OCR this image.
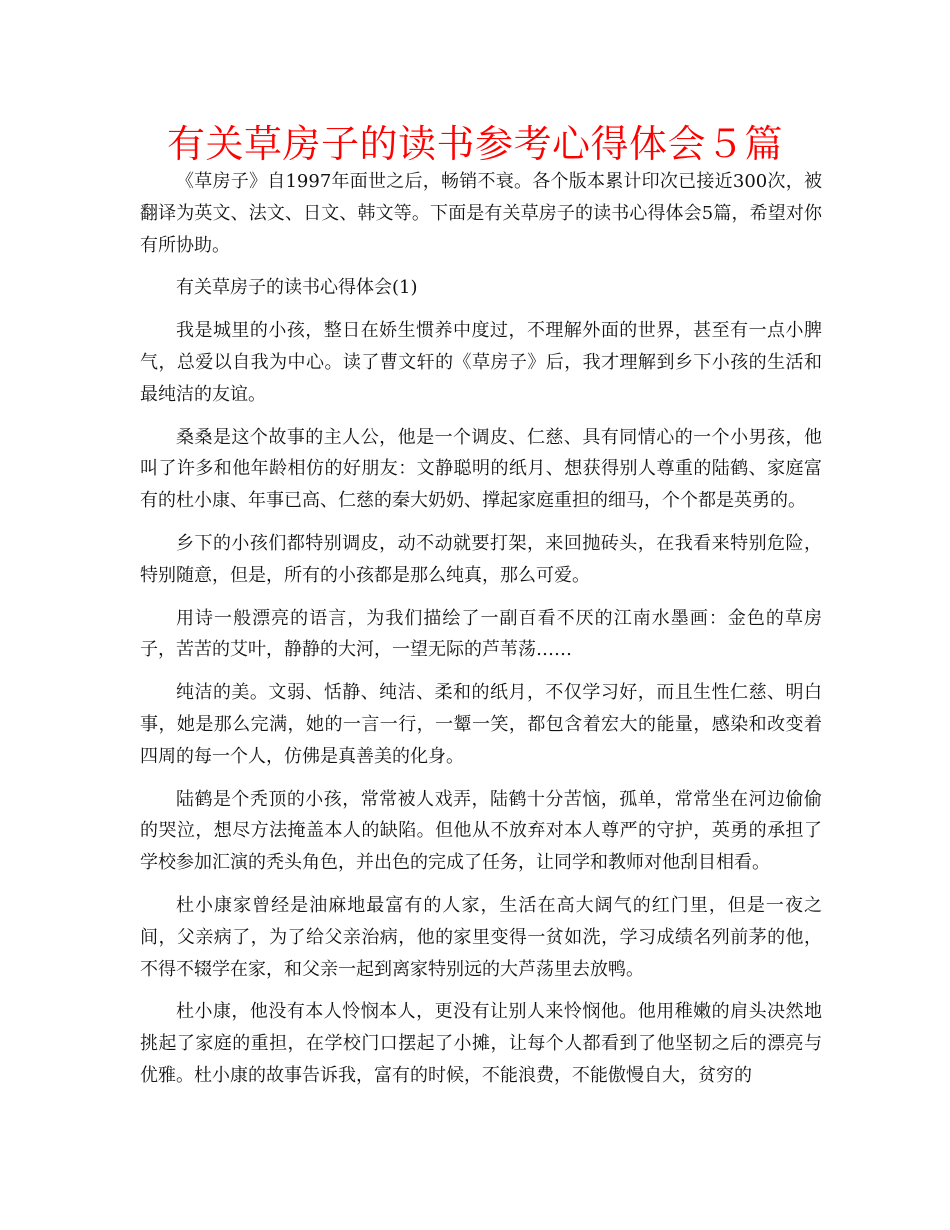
有关草房子的读书参考心得体会５篇

《草房子》自1997年面世之后，畅销不衰。各个版本累计印次已接近300次，被翻译为英文、法文、日文、韩文等。下面是有关草房子的读书心得体会5篇，希望对你有所协助。

有关草房子的读书心得体会(1)

我是城里的小孩，整日在娇生惯养中度过，不理解外面的世界，甚至有一点小脾气，总爱以自我为中心。读了曹文轩的《草房子》后，我才理解到乡下小孩的生活和最纯洁的友谊。

桑桑是这个故事的主人公，他是一个调皮、仁慈、具有同情心的一个小男孩，他叫了许多和他年龄相仿的好朋友：文静聪明的纸月、想获得别人尊重的陆鹤、家庭富有的杜小康、年事已高、仁慈的秦大奶奶、撑起家庭重担的细马，个个都是英勇的。

乡下的小孩们都特别调皮，动不动就要打架，来回抛砖头，在我看来特别危险，特别随意，但是，所有的小孩都是那么纯真，那么可爱。

用诗一般漂亮的语言，为我们描绘了一副百看不厌的江南水墨画：金色的草房子，苦苦的艾叶，静静的大河，一望无际的芦苇荡……

纯洁的美。文弱、恬静、纯洁、柔和的纸月，不仅学习好，而且生性仁慈、明白事，她是那么完满，她的一言一行，一颦一笑，都包含着宏大的能量，感染和改变着四周的每一个人，仿佛是真善美的化身。

陆鹤是个秃顶的小孩，常常被人戏弄，陆鹤十分苦恼，孤单，常常坐在河边偷偷的哭泣，想尽方法掩盖本人的缺陷。但他从不放弃对本人尊严的守护，英勇的承担了学校参加汇演的秃头角色，并出色的完成了任务，让同学和教师对他刮目相看。

杜小康家曾经是油麻地最富有的人家，生活在高大阔气的红门里，但是一夜之间，父亲病了，为了给父亲治病，他的家里变得一贫如洗，学习成绩名列前茅的他，不得不辍学在家，和父亲一起到离家特别远的大芦荡里去放鸭。

杜小康，他没有本人怜悯本人，更没有让别人来怜悯他。他用稚嫩的肩头决然地挑起了家庭的重担，在学校门口摆起了小摊，让每个人都看到了他坚韧之后的漂亮与优雅。杜小康的故事告诉我，富有的时候，不能浪费，不能傲慢自大，贫穷的
